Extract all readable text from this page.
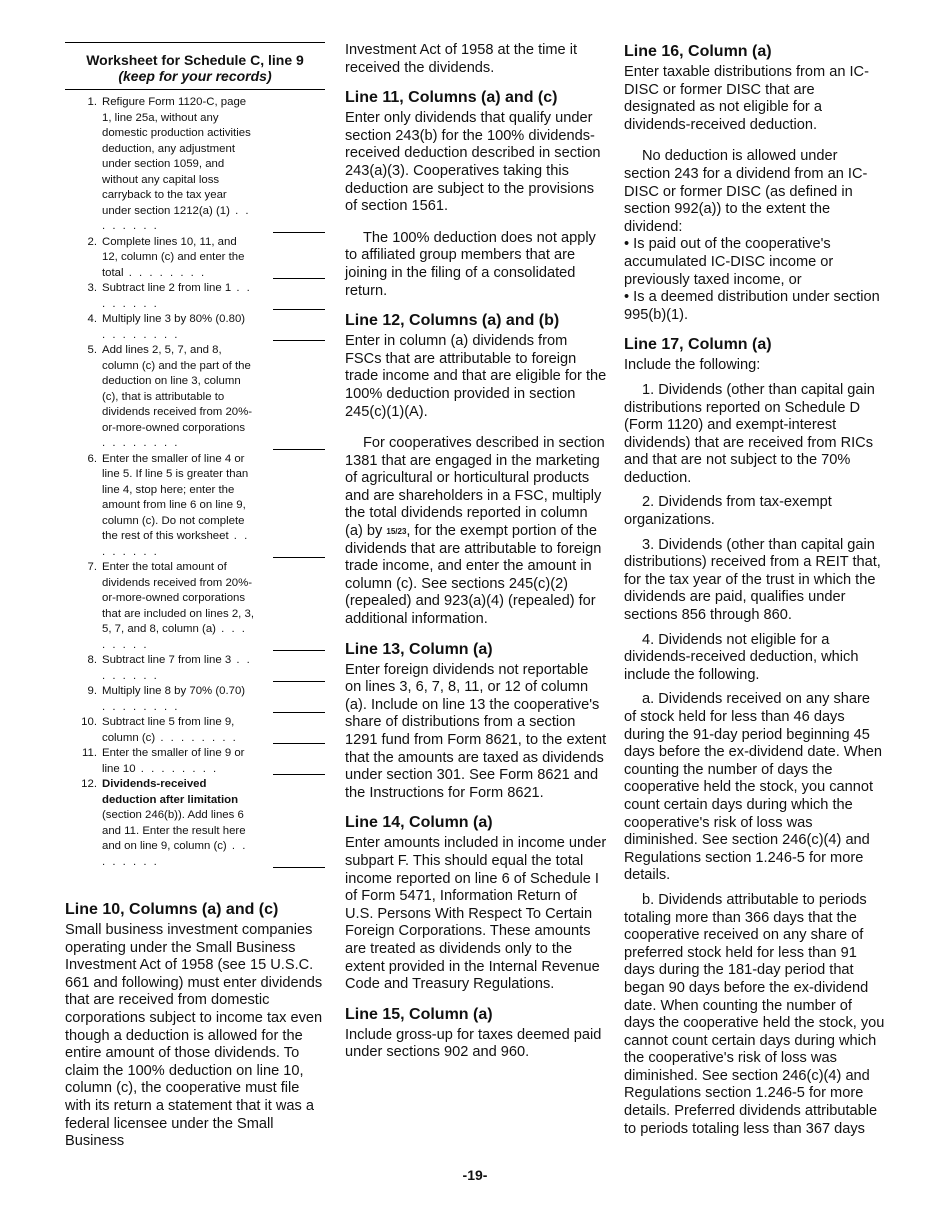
Worksheet for Schedule C, line 9
(keep for your records)
1. Refigure Form 1120-C, page 1, line 25a, without any domestic production activities deduction, any adjustment under section 1059, and without any capital loss carryback to the tax year under section 1212(a) (1) . . . . . . . .
2. Complete lines 10, 11, and 12, column (c) and enter the total . . . . . . . .
3. Subtract line 2 from line 1 . . . . . . . .
4. Multiply line 3 by 80% (0.80) . . . . . . . .
5. Add lines 2, 5, 7, and 8, column (c) and the part of the deduction on line 3, column (c), that is attributable to dividends received from 20%-or-more-owned corporations . . . . . . . .
6. Enter the smaller of line 4 or line 5. If line 5 is greater than line 4, stop here; enter the amount from line 6 on line 9, column (c). Do not complete the rest of this worksheet . . . . . . . .
7. Enter the total amount of dividends received from 20%-or-more-owned corporations that are included on lines 2, 3, 5, 7, and 8, column (a) . . . . . . . .
8. Subtract line 7 from line 3 . . . . . . . .
9. Multiply line 8 by 70% (0.70) . . . . . . . .
10. Subtract line 5 from line 9, column (c) . . . . . . . .
11. Enter the smaller of line 9 or line 10 . . . . . . . .
12. Dividends-received deduction after limitation (section 246(b)). Add lines 6 and 11. Enter the result here and on line 9, column (c) . . . . . . . .
Line 10, Columns (a) and (c)

Small business investment companies operating under the Small Business Investment Act of 1958 (see 15 U.S.C. 661 and following) must enter dividends that are received from domestic corporations subject to income tax even though a deduction is allowed for the entire amount of those dividends. To claim the 100% deduction on line 10, column (c), the cooperative must file with its return a statement that it was a federal licensee under the Small Business

Investment Act of 1958 at the time it received the dividends.

Line 11, Columns (a) and (c)

Enter only dividends that qualify under section 243(b) for the 100% dividends-received deduction described in section 243(a)(3). Cooperatives taking this deduction are subject to the provisions of section 1561.

The 100% deduction does not apply to affiliated group members that are joining in the filing of a consolidated return.

Line 12, Columns (a) and (b)

Enter in column (a) dividends from FSCs that are attributable to foreign trade income and that are eligible for the 100% deduction provided in section 245(c)(1)(A).

For cooperatives described in section 1381 that are engaged in the marketing of agricultural or horticultural products and are shareholders in a FSC, multiply the total dividends reported in column (a) by $^{15/23}$, for the exempt portion of the dividends that are attributable to foreign trade income, and enter the amount in column (c). See sections 245(c)(2) (repealed) and 923(a)(4) (repealed) for additional information.

Line 13, Column (a)

Enter foreign dividends not reportable on lines 3, 6, 7, 8, 11, or 12 of column (a). Include on line 13 the cooperative's share of distributions from a section 1291 fund from Form 8621, to the extent that the amounts are taxed as dividends under section 301. See Form 8621 and the Instructions for Form 8621.

Line 14, Column (a)

Enter amounts included in income under subpart F. This should equal the total income reported on line 6 of Schedule I of Form 5471, Information Return of U.S. Persons With Respect To Certain Foreign Corporations. These amounts are treated as dividends only to the extent provided in the Internal Revenue Code and Treasury Regulations.

Line 15, Column (a)

Include gross-up for taxes deemed paid under sections 902 and 960.

Line 16, Column (a)

Enter taxable distributions from an IC-DISC or former DISC that are designated as not eligible for a dividends-received deduction.

No deduction is allowed under section 243 for a dividend from an IC-DISC or former DISC (as defined in section 992(a)) to the extent the dividend:

• Is paid out of the cooperative's accumulated IC-DISC income or previously taxed income, or

• Is a deemed distribution under section 995(b)(1).

Line 17, Column (a)

Include the following:

1. Dividends (other than capital gain distributions reported on Schedule D (Form 1120) and exempt-interest dividends) that are received from RICs and that are not subject to the 70% deduction.

2. Dividends from tax-exempt organizations.

3. Dividends (other than capital gain distributions) received from a REIT that, for the tax year of the trust in which the dividends are paid, qualifies under sections 856 through 860.

4. Dividends not eligible for a dividends-received deduction, which include the following.

a. Dividends received on any share of stock held for less than 46 days during the 91-day period beginning 45 days before the ex-dividend date. When counting the number of days the cooperative held the stock, you cannot count certain days during which the cooperative's risk of loss was diminished. See section 246(c)(4) and Regulations section 1.246-5 for more details.

b. Dividends attributable to periods totaling more than 366 days that the cooperative received on any share of preferred stock held for less than 91 days during the 181-day period that began 90 days before the ex-dividend date. When counting the number of days the cooperative held the stock, you cannot count certain days during which the cooperative's risk of loss was diminished. See section 246(c)(4) and Regulations section 1.246-5 for more details. Preferred dividends attributable to periods totaling less than 367 days

-19-
